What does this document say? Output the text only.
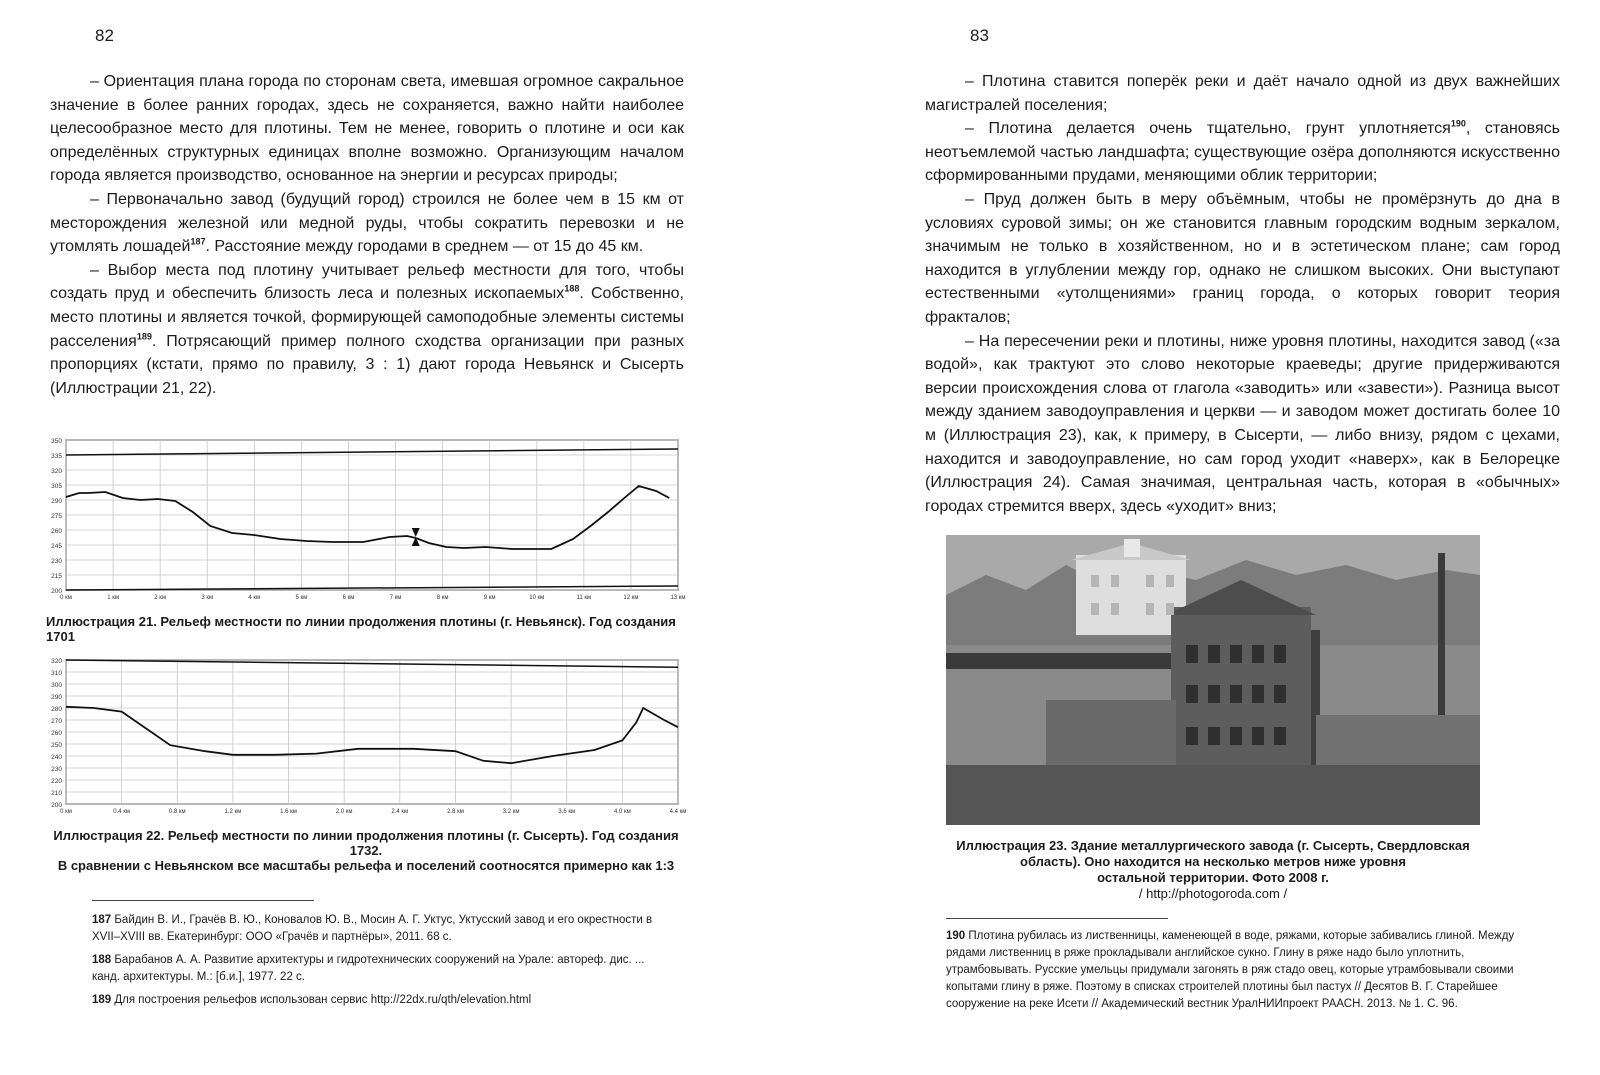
82

– Ориентация плана города по сторонам света, имевшая огромное сакральное значение в более ранних городах, здесь не сохраняется, важно найти наиболее целесообразное место для плотины. Тем не менее, говорить о плотине и оси как определённых структурных единицах вполне возможно. Организующим началом города является производство, основанное на энергии и ресурсах природы;

– Первоначально завод (будущий город) строился не более чем в 15 км от месторождения железной или медной руды, чтобы сократить перевозки и не утомлять лошадей$^{187}$. Расстояние между городами в среднем — от 15 до 45 км.

– Выбор места под плотину учитывает рельеф местности для того, чтобы создать пруд и обеспечить близость леса и полезных ископаемых$^{188}$. Собственно, место плотины и является точкой, формирующей самоподобные элементы системы расселения$^{189}$. Потрясающий пример полного сходства организации при разных пропорциях (кстати, прямо по правилу, 3 : 1) дают города Невьянск и Сысерть (Иллюстрации 21, 22).

200
215
230
245
260
275
290
305
320
335
350
0 км	1 км	2 км	3 км	4 км	5 км	6 км	7 км	8 км	9 км	10 км	11 км	12 км	13 км
Иллюстрация 21. Рельеф местности по линии продолжения плотины (г. Невьянск). Год создания 1701
200
210
220
230
240
250
260
270
280
290
300
310
320
0 км	0.4 км	0.8 км	1.2 км	1.6 км	2.0 км	2.4 км	2.8 км	3.2 км	3.6 км	4.0 км	4.4 км
Иллюстрация 22. Рельеф местности по линии продолжения плотины (г. Сысерть). Год создания 1732.
В сравнении с Невьянском все масштабы рельефа и поселений соотносятся примерно как 1:3

187 Байдин В. И., Грачёв В. Ю., Коновалов Ю. В., Мосин А. Г. Уктус, Уктусский завод и его окрестности в XVII–XVIII вв. Екатеринбург: ООО «Грачёв и партнёры», 2011. 68 с.

188 Барабанов А. А. Развитие архитектуры и гидротехнических сооружений на Урале: автореф. дис. ... канд. архитектуры. М.: [б.и.], 1977. 22 с.

189 Для построения рельефов использован сервис http://22dx.ru/qth/elevation.html

83

– Плотина ставится поперёк реки и даёт начало одной из двух важнейших магистралей поселения;

– Плотина делается очень тщательно, грунт уплотняется$^{190}$, становясь неотъемлемой частью ландшафта; существующие озёра дополняются искусственно сформированными прудами, меняющими облик территории;

– Пруд должен быть в меру объёмным, чтобы не промёрзнуть до дна в условиях суровой зимы; он же становится главным городским водным зеркалом, значимым не только в хозяйственном, но и в эстетическом плане; сам город находится в углублении между гор, однако не слишком высоких. Они выступают естественными «утолщениями» границ города, о которых говорит теория фракталов;

– На пересечении реки и плотины, ниже уровня плотины, находится завод («за водой», как трактуют это слово некоторые краеведы; другие придерживаются версии происхождения слова от глагола «заводить» или «завести»). Разница высот между зданием заводоуправления и церкви — и заводом может достигать более 10 м (Иллюстрация 23), как, к примеру, в Сысерти, — либо внизу, рядом с цехами, находится и заводоуправление, но сам город уходит «наверх», как в Белорецке (Иллюстрация 24). Самая значимая, центральная часть, которая в «обычных» городах стремится вверх, здесь «уходит» вниз;

Иллюстрация 23. Здание металлургического завода (г. Сысерть, Свердловская
область). Оно находится на несколько метров ниже уровня
остальной территории. Фото 2008 г.
/ http://photogoroda.com /

190 Плотина рубилась из лиственницы, каменеющей в воде, ряжами, которые забивались глиной. Между рядами лиственниц в ряже прокладывали английское сукно. Глину в ряже надо было уплотнить, утрамбовывать. Русские умельцы придумали загонять в ряж стадо овец, которые утрамбовывали своими копытами глину в ряже. Поэтому в списках строителей плотины был пастух // Десятов В. Г. Старейшее сооружение на реке Исети // Академический вестник УралНИИпроект РААСН. 2013. № 1. С. 96.
